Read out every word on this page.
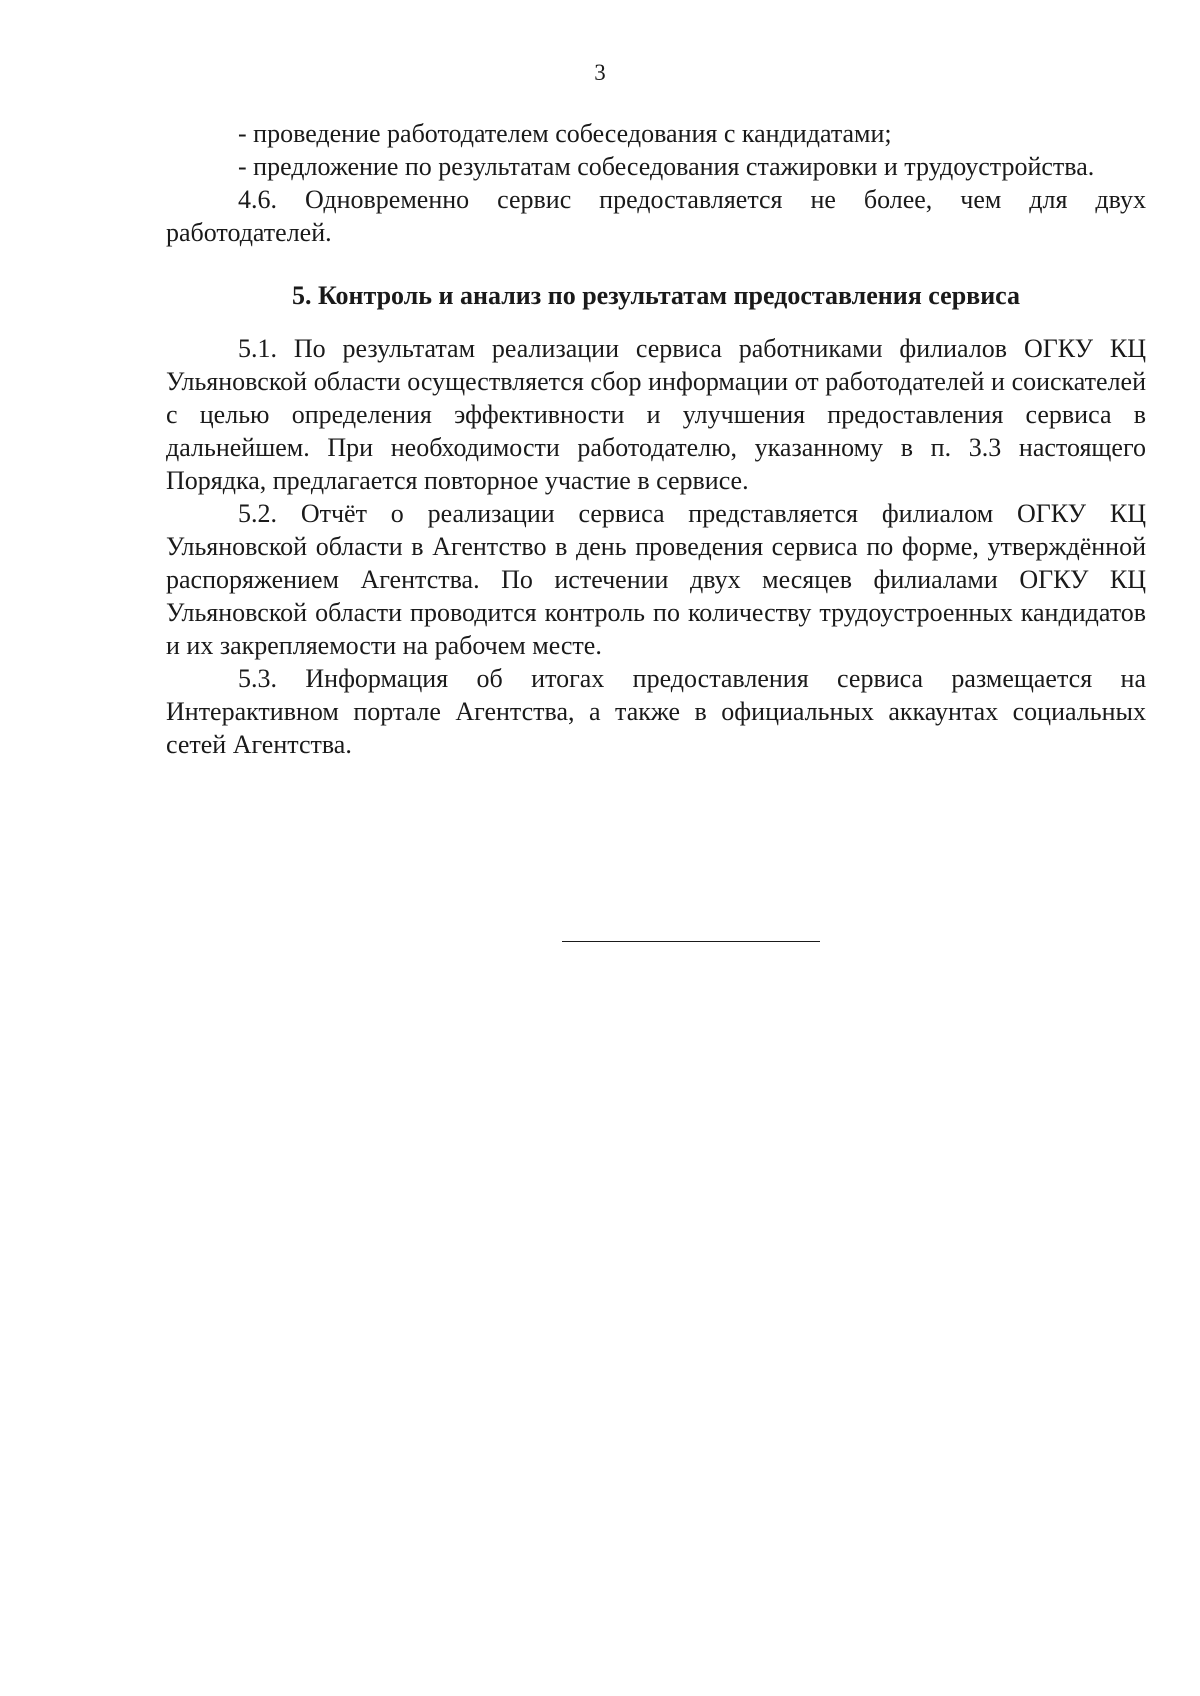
3

- проведение работодателем собеседования с кандидатами;

- предложение по результатам собеседования стажировки и трудоустройства.

4.6. Одновременно сервис предоставляется не более, чем для двух работодателей.

5. Контроль и анализ по результатам предоставления сервиса

5.1. По результатам реализации сервиса работниками филиалов ОГКУ КЦ Ульяновской области осуществляется сбор информации от работодателей и соискателей с целью определения эффективности и улучшения предоставления сервиса в дальнейшем. При необходимости работодателю, указанному в п. 3.3 настоящего Порядка, предлагается повторное участие в сервисе.

5.2. Отчёт о реализации сервиса представляется филиалом ОГКУ КЦ Ульяновской области в Агентство в день проведения сервиса по форме, утверждённой распоряжением Агентства. По истечении двух месяцев филиалами ОГКУ КЦ Ульяновской области проводится контроль по количеству трудоустроенных кандидатов и их закрепляемости на рабочем месте.

5.3. Информация об итогах предоставления сервиса размещается на Интерактивном портале Агентства, а также в официальных аккаунтах социальных сетей Агентства.
